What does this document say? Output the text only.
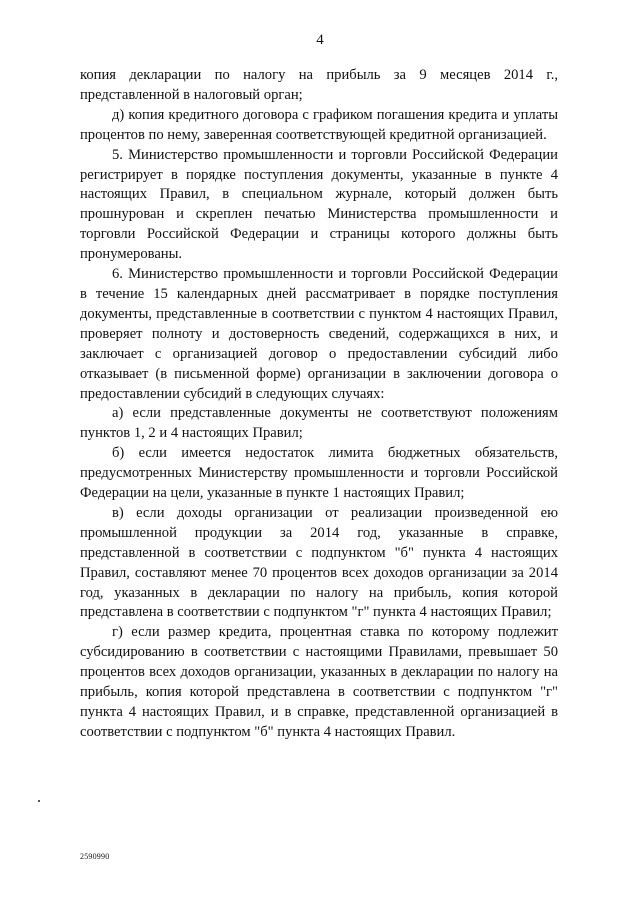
4

копия декларации по налогу на прибыль за 9 месяцев 2014 г., представленной в налоговый орган;

д) копия кредитного договора с графиком погашения кредита и уплаты процентов по нему, заверенная соответствующей кредитной организацией.

5. Министерство промышленности и торговли Российской Федерации регистрирует в порядке поступления документы, указанные в пункте 4 настоящих Правил, в специальном журнале, который должен быть прошнурован и скреплен печатью Министерства промышленности и торговли Российской Федерации и страницы которого должны быть пронумерованы.

6. Министерство промышленности и торговли Российской Федерации в течение 15 календарных дней рассматривает в порядке поступления документы, представленные в соответствии с пунктом 4 настоящих Правил, проверяет полноту и достоверность сведений, содержащихся в них, и заключает с организацией договор о предоставлении субсидий либо отказывает (в письменной форме) организации в заключении договора о предоставлении субсидий в следующих случаях:

а) если представленные документы не соответствуют положениям пунктов 1, 2 и 4 настоящих Правил;

б) если имеется недостаток лимита бюджетных обязательств, предусмотренных Министерству промышленности и торговли Российской Федерации на цели, указанные в пункте 1 настоящих Правил;

в) если доходы организации от реализации произведенной ею промышленной продукции за 2014 год, указанные в справке, представленной в соответствии с подпунктом "б" пункта 4 настоящих Правил, составляют менее 70 процентов всех доходов организации за 2014 год, указанных в декларации по налогу на прибыль, копия которой представлена в соответствии с подпунктом "г" пункта 4 настоящих Правил;

г) если размер кредита, процентная ставка по которому подлежит субсидированию в соответствии с настоящими Правилами, превышает 50 процентов всех доходов организации, указанных в декларации по налогу на прибыль, копия которой представлена в соответствии с подпунктом "г" пункта 4 настоящих Правил, и в справке, представленной организацией в соответствии с подпунктом "б" пункта 4 настоящих Правил.

2590990
